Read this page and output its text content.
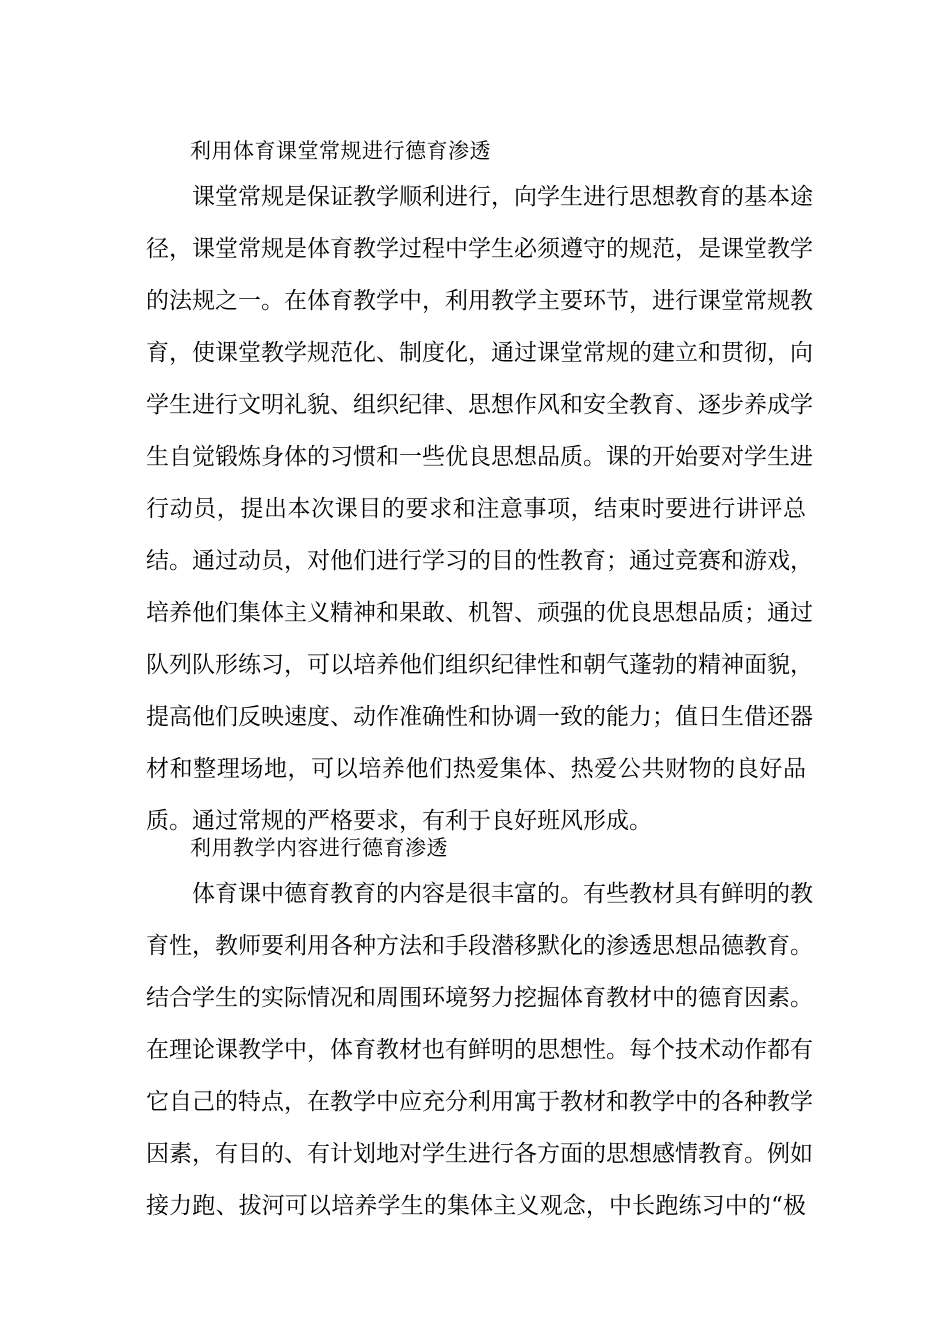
利用体育课堂常规进行德育渗透
课堂常规是保证教学顺利进行，向学生进行思想教育的基本途
径，课堂常规是体育教学过程中学生必须遵守的规范，是课堂教学
的法规之一。在体育教学中，利用教学主要环节，进行课堂常规教
育，使课堂教学规范化、制度化，通过课堂常规的建立和贯彻，向
学生进行文明礼貌、组织纪律、思想作风和安全教育、逐步养成学
生自觉锻炼身体的习惯和一些优良思想品质。课的开始要对学生进
行动员，提出本次课目的要求和注意事项，结束时要进行讲评总
结。通过动员，对他们进行学习的目的性教育；通过竞赛和游戏，
培养他们集体主义精神和果敢、机智、顽强的优良思想品质；通过
队列队形练习，可以培养他们组织纪律性和朝气蓬勃的精神面貌，
提高他们反映速度、动作准确性和协调一致的能力；值日生借还器
材和整理场地，可以培养他们热爱集体、热爱公共财物的良好品
质。通过常规的严格要求，有利于良好班风形成。
利用教学内容进行德育渗透
体育课中德育教育的内容是很丰富的。有些教材具有鲜明的教
育性，教师要利用各种方法和手段潜移默化的渗透思想品德教育。
结合学生的实际情况和周围环境努力挖掘体育教材中的德育因素。
在理论课教学中，体育教材也有鲜明的思想性。每个技术动作都有
它自己的特点，在教学中应充分利用寓于教材和教学中的各种教学
因素，有目的、有计划地对学生进行各方面的思想感情教育。例如
接力跑、拔河可以培养学生的集体主义观念，中长跑练习中的“极
